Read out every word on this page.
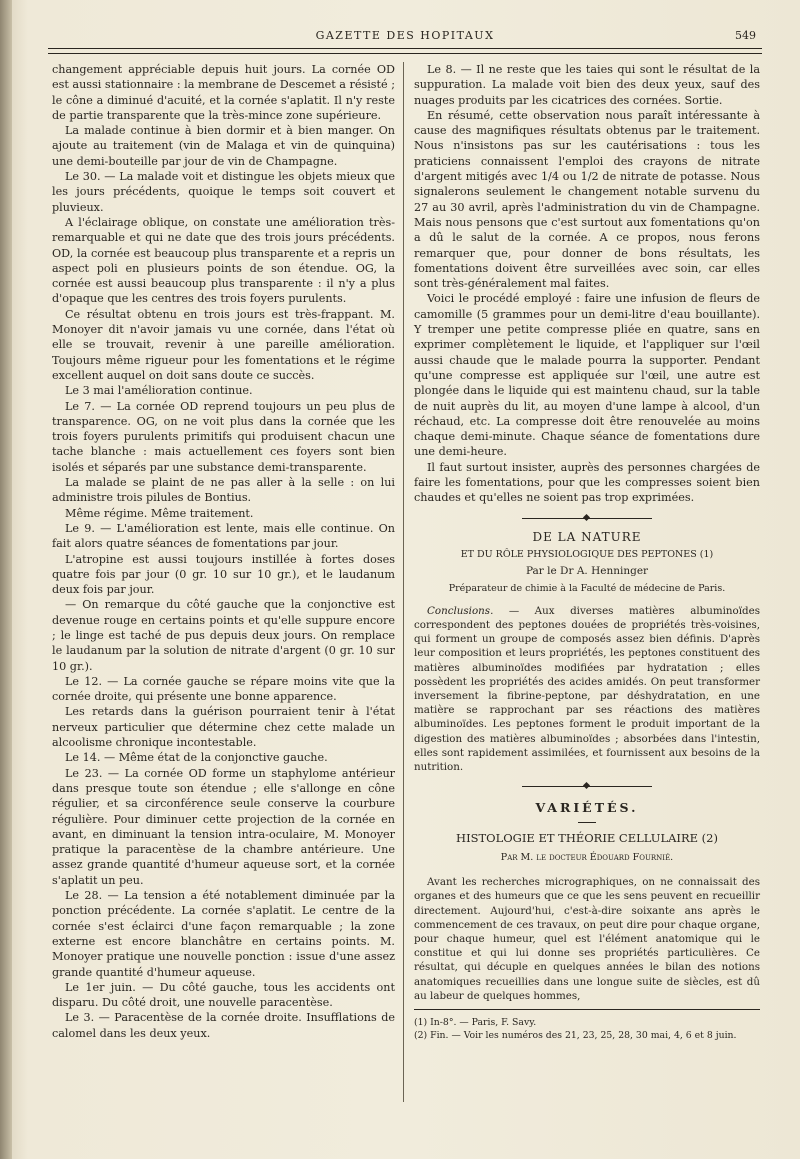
GAZETTE DES HOPITAUX	549

changement appréciable depuis huit jours. La cornée OD est aussi stationnaire : la membrane de Descemet a résisté ; le cône a diminué d'acuité, et la cornée s'aplatit. Il n'y reste de partie transparente que la très-mince zone supérieure.

La malade continue à bien dormir et à bien manger. On ajoute au traitement (vin de Malaga et vin de quinquina) une demi-bouteille par jour de vin de Champagne.

Le 30. — La malade voit et distingue les objets mieux que les jours précédents, quoique le temps soit couvert et pluvieux.

A l'éclairage oblique, on constate une amélioration très-remarquable et qui ne date que des trois jours précédents. OD, la cornée est beaucoup plus transparente et a repris un aspect poli en plusieurs points de son étendue. OG, la cornée est aussi beaucoup plus transparente : il n'y a plus d'opaque que les centres des trois foyers purulents.

Ce résultat obtenu en trois jours est très-frappant. M. Monoyer dit n'avoir jamais vu une cornée, dans l'état où elle se trouvait, revenir à une pareille amélioration. Toujours même rigueur pour les fomentations et le régime excellent auquel on doit sans doute ce succès.

Le 3 mai l'amélioration continue.

Le 7. — La cornée OD reprend toujours un peu plus de transparence. OG, on ne voit plus dans la cornée que les trois foyers purulents primitifs qui produisent chacun une tache blanche : mais actuellement ces foyers sont bien isolés et séparés par une substance demi-transparente.

La malade se plaint de ne pas aller à la selle : on lui administre trois pilules de Bontius.

Même régime. Même traitement.

Le 9. — L'amélioration est lente, mais elle continue. On fait alors quatre séances de fomentations par jour.

L'atropine est aussi toujours instillée à fortes doses quatre fois par jour (0 gr. 10 sur 10 gr.), et le laudanum deux fois par jour.

— On remarque du côté gauche que la conjonctive est devenue rouge en certains points et qu'elle suppure encore ; le linge est taché de pus depuis deux jours. On remplace le laudanum par la solution de nitrate d'argent (0 gr. 10 sur 10 gr.).

Le 12. — La cornée gauche se répare moins vite que la cornée droite, qui présente une bonne apparence.

Les retards dans la guérison pourraient tenir à l'état nerveux particulier que détermine chez cette malade un alcoolisme chronique incontestable.

Le 14. — Même état de la conjonctive gauche.

Le 23. — La cornée OD forme un staphylome antérieur dans presque toute son étendue ; elle s'allonge en cône régulier, et sa circonférence seule conserve la courbure régulière. Pour diminuer cette projection de la cornée en avant, en diminuant la tension intra-oculaire, M. Monoyer pratique la paracentèse de la chambre antérieure. Une assez grande quantité d'humeur aqueuse sort, et la cornée s'aplatit un peu.

Le 28. — La tension a été notablement diminuée par la ponction précédente. La cornée s'aplatit. Le centre de la cornée s'est éclairci d'une façon remarquable ; la zone externe est encore blanchâtre en certains points. M. Monoyer pratique une nouvelle ponction : issue d'une assez grande quantité d'humeur aqueuse.

Le 1er juin. — Du côté gauche, tous les accidents ont disparu. Du côté droit, une nouvelle paracentèse.

Le 3. — Paracentèse de la cornée droite. Insufflations de calomel dans les deux yeux.

Le 8. — Il ne reste que les taies qui sont le résultat de la suppuration. La malade voit bien des deux yeux, sauf des nuages produits par les cicatrices des cornées. Sortie.

En résumé, cette observation nous paraît intéressante à cause des magnifiques résultats obtenus par le traitement. Nous n'insistons pas sur les cautérisations : tous les praticiens connaissent l'emploi des crayons de nitrate d'argent mitigés avec 1/4 ou 1/2 de nitrate de potasse. Nous signalerons seulement le changement notable survenu du 27 au 30 avril, après l'administration du vin de Champagne. Mais nous pensons que c'est surtout aux fomentations qu'on a dû le salut de la cornée. A ce propos, nous ferons remarquer que, pour donner de bons résultats, les fomentations doivent être surveillées avec soin, car elles sont très-généralement mal faites.

Voici le procédé employé : faire une infusion de fleurs de camomille (5 grammes pour un demi-litre d'eau bouillante). Y tremper une petite compresse pliée en quatre, sans en exprimer complètement le liquide, et l'appliquer sur l'œil aussi chaude que le malade pourra la supporter. Pendant qu'une compresse est appliquée sur l'œil, une autre est plongée dans le liquide qui est maintenu chaud, sur la table de nuit auprès du lit, au moyen d'une lampe à alcool, d'un réchaud, etc. La compresse doit être renouvelée au moins chaque demi-minute. Chaque séance de fomentations dure une demi-heure.

Il faut surtout insister, auprès des personnes chargées de faire les fomentations, pour que les compresses soient bien chaudes et qu'elles ne soient pas trop exprimées.

DE LA NATURE

ET DU RÔLE PHYSIOLOGIQUE DES PEPTONES (1)

Par le Dr A. Henninger

Préparateur de chimie à la Faculté de médecine de Paris.

Conclusions. — Aux diverses matières albuminoïdes correspondent des peptones douées de propriétés très-voisines, qui forment un groupe de composés assez bien définis. D'après leur composition et leurs propriétés, les peptones constituent des matières albuminoïdes modifiées par hydratation ; elles possèdent les propriétés des acides amidés. On peut transformer inversement la fibrine-peptone, par déshydratation, en une matière se rapprochant par ses réactions des matières albuminoïdes. Les peptones forment le produit important de la digestion des matières albuminoïdes ; absorbées dans l'intestin, elles sont rapidement assimilées, et fournissent aux besoins de la nutrition.

VARIÉTÉS.

HISTOLOGIE ET THÉORIE CELLULAIRE (2)

Par M. le docteur Édouard Fournié.

Avant les recherches micrographiques, on ne connaissait des organes et des humeurs que ce que les sens peuvent en recueillir directement. Aujourd'hui, c'est-à-dire soixante ans après le commencement de ces travaux, on peut dire pour chaque organe, pour chaque humeur, quel est l'élément anatomique qui le constitue et qui lui donne ses propriétés particulières. Ce résultat, qui décuple en quelques années le bilan des notions anatomiques recueillies dans une longue suite de siècles, est dû au labeur de quelques hommes,

(1) In-8°. — Paris, F. Savy.

(2) Fin. — Voir les numéros des 21, 23, 25, 28, 30 mai, 4, 6 et 8 juin.
